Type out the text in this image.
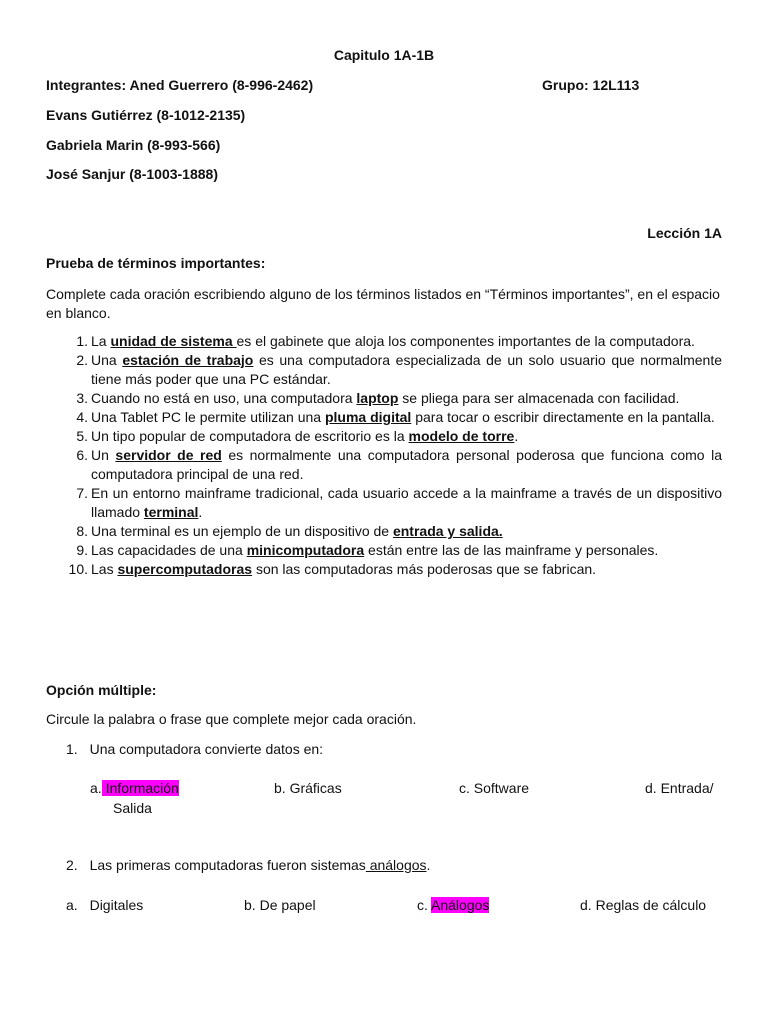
Capitulo 1A-1B
Integrantes: Aned Guerrero (8-996-2462)	Grupo: 12L113
Evans Gutiérrez (8-1012-2135)
Gabriela Marin (8-993-566)
José Sanjur (8-1003-1888)
Lección 1A
Prueba de términos importantes:
Complete cada oración escribiendo alguno de los términos listados en “Términos importantes”, en el espacio en blanco.
1. La unidad de sistema es el gabinete que aloja los componentes importantes de la computadora.
2. Una estación de trabajo es una computadora especializada de un solo usuario que normalmente tiene más poder que una PC estándar.
3. Cuando no está en uso, una computadora laptop se pliega para ser almacenada con facilidad.
4. Una Tablet PC le permite utilizan una pluma digital para tocar o escribir directamente en la pantalla.
5. Un tipo popular de computadora de escritorio es la modelo de torre.
6. Un servidor de red es normalmente una computadora personal poderosa que funciona como la computadora principal de una red.
7. En un entorno mainframe tradicional, cada usuario accede a la mainframe a través de un dispositivo llamado terminal.
8. Una terminal es un ejemplo de un dispositivo de entrada y salida.
9. Las capacidades de una minicomputadora están entre las de las mainframe y personales.
10. Las supercomputadoras son las computadoras más poderosas que se fabrican.
Opción múltiple:
Circule la palabra o frase que complete mejor cada oración.
1. Una computadora convierte datos en:
a. Información	b. Gráficas	c. Software	d. Entrada/
Salida
2. Las primeras computadoras fueron sistemas análogos.
a. Digitales	b. De papel	c. Análogos	d. Reglas de cálculo
